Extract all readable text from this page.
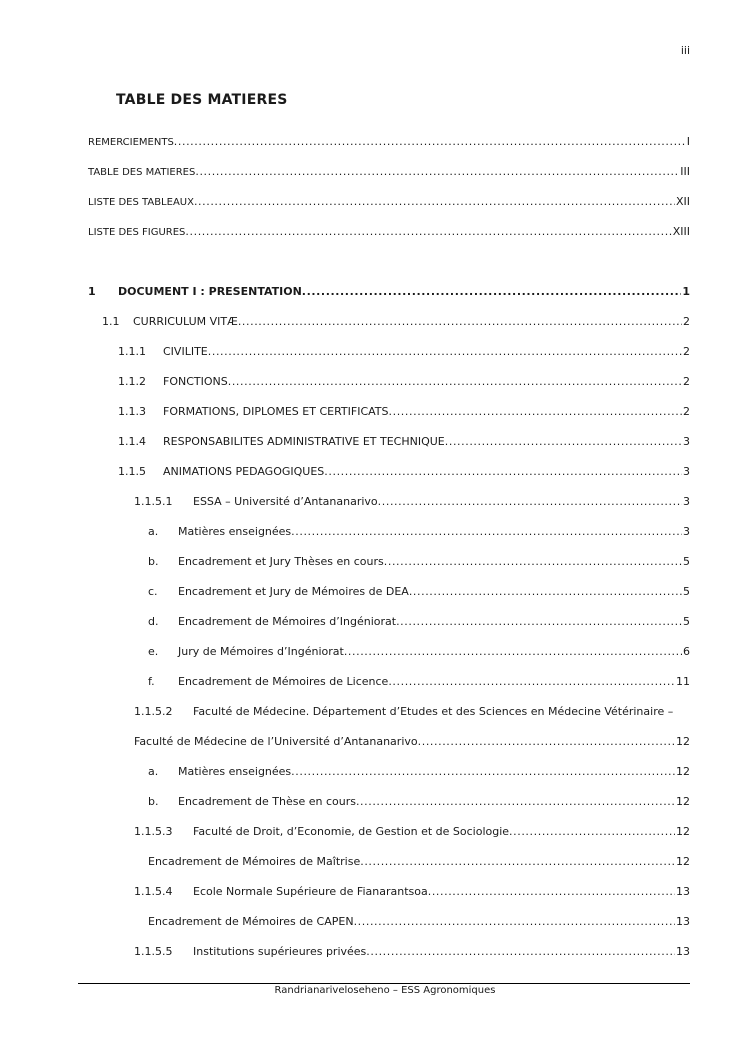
iii
TABLE DES MATIERES
REMERCIEMENTS .....	I
TABLE DES MATIERES .....	III
LISTE DES TABLEAUX .....	XII
LISTE DES FIGURES .....	XIII
1	DOCUMENT I : PRESENTATION .....	1
1.1	CURRICULUM VITÆ .....	2
1.1.1	CIVILITE .....	2
1.1.2	FONCTIONS .....	2
1.1.3	FORMATIONS, DIPLOMES ET CERTIFICATS .....	2
1.1.4	RESPONSABILITES ADMINISTRATIVE ET TECHNIQUE .....	3
1.1.5	ANIMATIONS PEDAGOGIQUES .....	3
1.1.5.1	ESSA – Université d’Antananarivo .....	3
a.	Matières enseignées .....	3
b.	Encadrement et Jury Thèses en cours .....	5
c.	Encadrement et Jury de Mémoires de DEA .....	5
d.	Encadrement de Mémoires d’Ingéniorat .....	5
e.	Jury de Mémoires d’Ingéniorat .....	6
f.	Encadrement de Mémoires de Licence .....	11
1.1.5.2 Faculté de Médecine. Département d’Etudes et des Sciences en Médecine Vétérinaire –
Faculté de Médecine de l’Université d’Antananarivo .....	12
a.	Matières enseignées .....	12
b.	Encadrement de Thèse en cours .....	12
1.1.5.3	Faculté de Droit, d’Economie, de Gestion et de Sociologie .....	12
Encadrement de Mémoires de Maîtrise .....	12
1.1.5.4	Ecole Normale Supérieure de Fianarantsoa .....	13
Encadrement de Mémoires de CAPEN .....	13
1.1.5.5	Institutions supérieures privées .....	13
Randrianariveloseheno – ESS Agronomiques
